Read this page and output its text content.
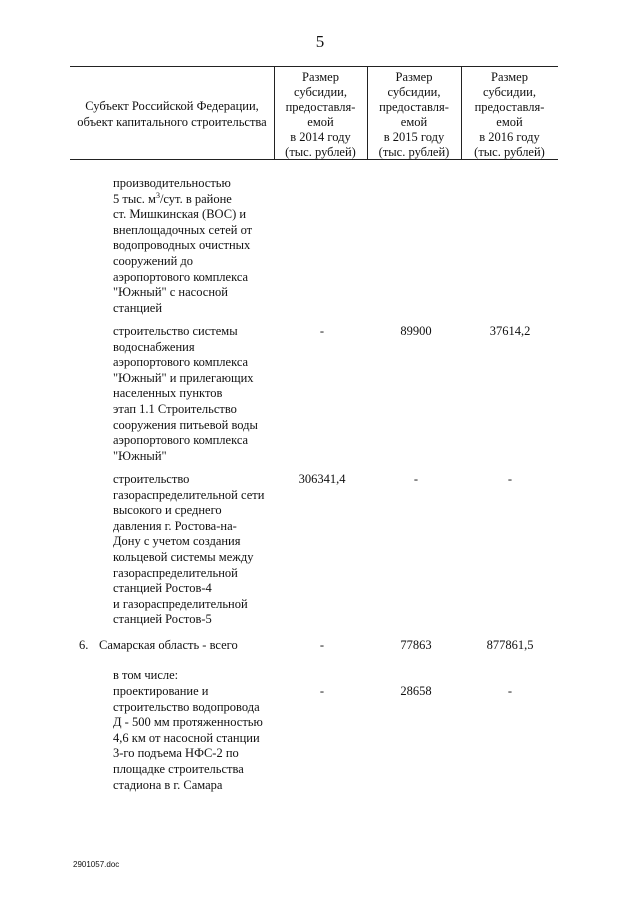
5
Субъект Российской Федерации,
объект капитального строительства
Размер
субсидии,
предоставля-
емой
в 2014 году
(тыс. рублей)
Размер
субсидии,
предоставля-
емой
в 2015 году
(тыс. рублей)
Размер
субсидии,
предоставля-
емой
в 2016 году
(тыс. рублей)
производительностью
5 тыс. $м^3$/сут. в районе
ст. Мишкинская (ВОС) и
внеплощадочных сетей от
водопроводных очистных
сооружений до
аэропортового комплекса
"Южный" с насосной
станцией
строительство системы
водоснабжения
аэропортового комплекса
"Южный" и прилегающих
населенных пунктов
этап 1.1 Строительство
сооружения питьевой воды
аэропортового комплекса
"Южный"
-	89900	37614,2
строительство
газораспределительной сети
высокого и среднего
давления г. Ростова-на-
Дону с учетом создания
кольцевой системы между
газораспределительной
станцией Ростов-4
и газораспределительной
станцией Ростов-5
306341,4	-	-
6. Самарская область - всего	-	77863	877861,5
в том числе:
проектирование и
строительство водопровода
Д - 500 мм протяженностью
4,6 км от насосной станции
3-го подъема НФС-2 по
площадке строительства
стадиона в г. Самара
-	28658	-
2901057.doc
